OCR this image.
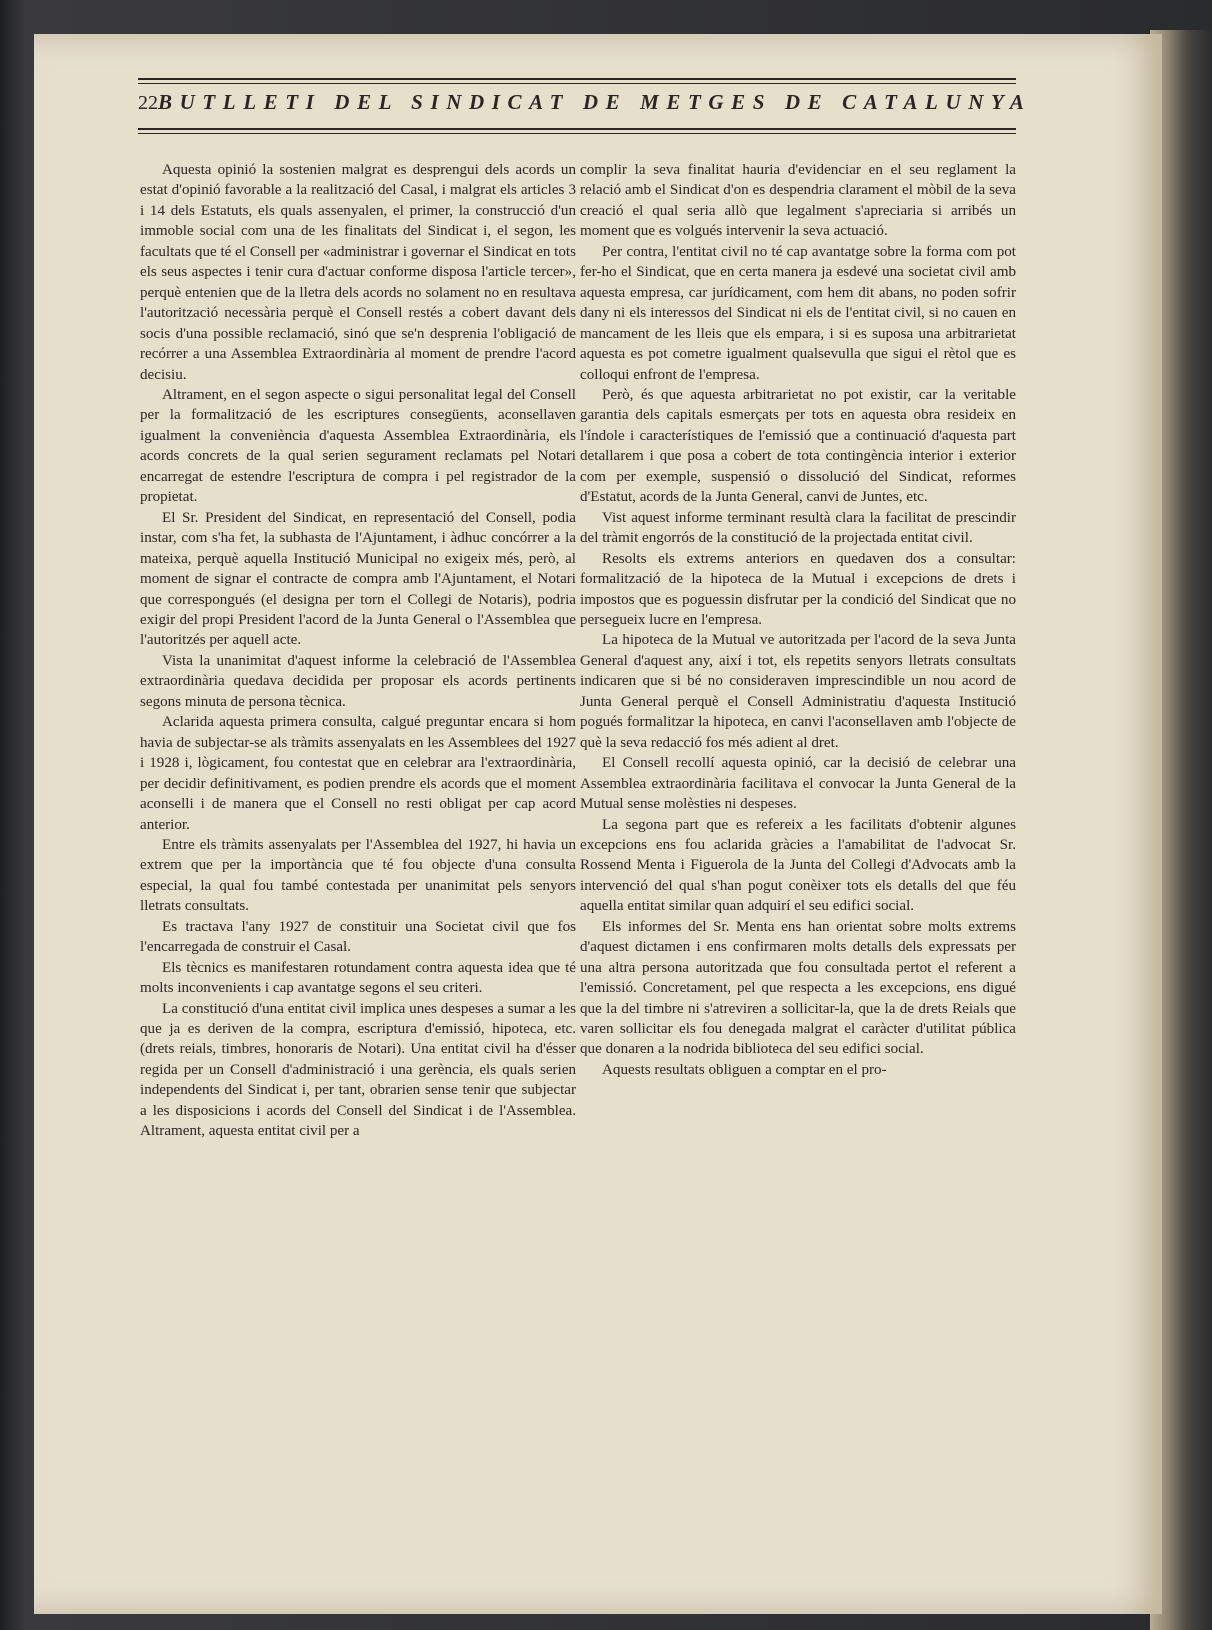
22 BUTLLETI DEL SINDICAT DE METGES DE CATALUNYA

Aquesta opinió la sostenien malgrat es desprengui dels acords un estat d'opinió favorable a la realització del Casal, i malgrat els articles 3 i 14 dels Estatuts, els quals assenyalen, el primer, la construcció d'un immoble social com una de les finalitats del Sindicat i, el segon, les facultats que té el Consell per «administrar i governar el Sindicat en tots els seus aspectes i tenir cura d'actuar conforme disposa l'article tercer», perquè entenien que de la lletra dels acords no solament no en resultava l'autorització necessària perquè el Consell restés a cobert davant dels socis d'una possible reclamació, sinó que se'n desprenia l'obligació de recórrer a una Assemblea Extraordinària al moment de prendre l'acord decisiu.

Altrament, en el segon aspecte o sigui personalitat legal del Consell per la formalització de les escriptures consegüents, aconsellaven igualment la conveniència d'aquesta Assemblea Extraordinària, els acords concrets de la qual serien segurament reclamats pel Notari encarregat de estendre l'escriptura de compra i pel registrador de la propietat.

El Sr. President del Sindicat, en representació del Consell, podia instar, com s'ha fet, la subhasta de l'Ajuntament, i àdhuc concórrer a la mateixa, perquè aquella Institució Municipal no exigeix més, però, al moment de signar el contracte de compra amb l'Ajuntament, el Notari que correspongués (el designa per torn el Collegi de Notaris), podria exigir del propi President l'acord de la Junta General o l'Assemblea que l'autoritzés per aquell acte.

Vista la unanimitat d'aquest informe la celebració de l'Assemblea extraordinària quedava decidida per proposar els acords pertinents segons minuta de persona tècnica.

Aclarida aquesta primera consulta, calgué preguntar encara si hom havia de subjectar-se als tràmits assenyalats en les Assemblees del 1927 i 1928 i, lògicament, fou contestat que en celebrar ara l'extraordinària, per decidir definitivament, es podien prendre els acords que el moment aconselli i de manera que el Consell no resti obligat per cap acord anterior.

Entre els tràmits assenyalats per l'Assemblea del 1927, hi havia un extrem que per la importància que té fou objecte d'una consulta especial, la qual fou també contestada per unanimitat pels senyors lletrats consultats.

Es tractava l'any 1927 de constituir una Societat civil que fos l'encarregada de construir el Casal.

Els tècnics es manifestaren rotundament contra aquesta idea que té molts inconvenients i cap avantatge segons el seu criteri.

La constitució d'una entitat civil implica unes despeses a sumar a les que ja es deriven de la compra, escriptura d'emissió, hipoteca, etc. (drets reials, timbres, honoraris de Notari). Una entitat civil ha d'ésser regida per un Consell d'administració i una gerència, els quals serien independents del Sindicat i, per tant, obrarien sense tenir que subjectar a les disposicions i acords del Consell del Sindicat i de l'Assemblea. Altrament, aquesta entitat civil per a

complir la seva finalitat hauria d'evidenciar en el seu reglament la relació amb el Sindicat d'on es despendria clarament el mòbil de la seva creació el qual seria allò que legalment s'apreciaria si arribés un moment que es volgués intervenir la seva actuació.

Per contra, l'entitat civil no té cap avantatge sobre la forma com pot fer-ho el Sindicat, que en certa manera ja esdevé una societat civil amb aquesta empresa, car jurídicament, com hem dit abans, no poden sofrir dany ni els interessos del Sindicat ni els de l'entitat civil, si no cauen en mancament de les lleis que els empara, i si es suposa una arbitrarietat aquesta es pot cometre igualment qualsevulla que sigui el rètol que es colloqui enfront de l'empresa.

Però, és que aquesta arbitrarietat no pot existir, car la veritable garantia dels capitals esmerçats per tots en aquesta obra resideix en l'índole i característiques de l'emissió que a continuació d'aquesta part detallarem i que posa a cobert de tota contingència interior i exterior com per exemple, suspensió o dissolució del Sindicat, reformes d'Estatut, acords de la Junta General, canvi de Juntes, etc.

Vist aquest informe terminant resultà clara la facilitat de prescindir del tràmit engorrós de la constitució de la projectada entitat civil.

Resolts els extrems anteriors en quedaven dos a consultar: formalització de la hipoteca de la Mutual i excepcions de drets i impostos que es poguessin disfrutar per la condició del Sindicat que no persegueix lucre en l'empresa.

La hipoteca de la Mutual ve autoritzada per l'acord de la seva Junta General d'aquest any, així i tot, els repetits senyors lletrats consultats indicaren que si bé no consideraven imprescindible un nou acord de Junta General perquè el Consell Administratiu d'aquesta Institució pogués formalitzar la hipoteca, en canvi l'aconsellaven amb l'objecte de què la seva redacció fos més adient al dret.

El Consell recollí aquesta opinió, car la decisió de celebrar una Assemblea extraordinària facilitava el convocar la Junta General de la Mutual sense molèsties ni despeses.

La segona part que es refereix a les facilitats d'obtenir algunes excepcions ens fou aclarida gràcies a l'amabilitat de l'advocat Sr. Rossend Menta i Figuerola de la Junta del Collegi d'Advocats amb la intervenció del qual s'han pogut conèixer tots els detalls del que féu aquella entitat similar quan adquirí el seu edifici social.

Els informes del Sr. Menta ens han orientat sobre molts extrems d'aquest dictamen i ens confirmaren molts detalls dels expressats per una altra persona autoritzada que fou consultada pertot el referent a l'emissió. Concretament, pel que respecta a les excepcions, ens digué que la del timbre ni s'atreviren a sollicitar-la, que la de drets Reials que varen sollicitar els fou denegada malgrat el caràcter d'utilitat pública que donaren a la nodrida biblioteca del seu edifici social.

Aquests resultats obliguen a comptar en el pro-
